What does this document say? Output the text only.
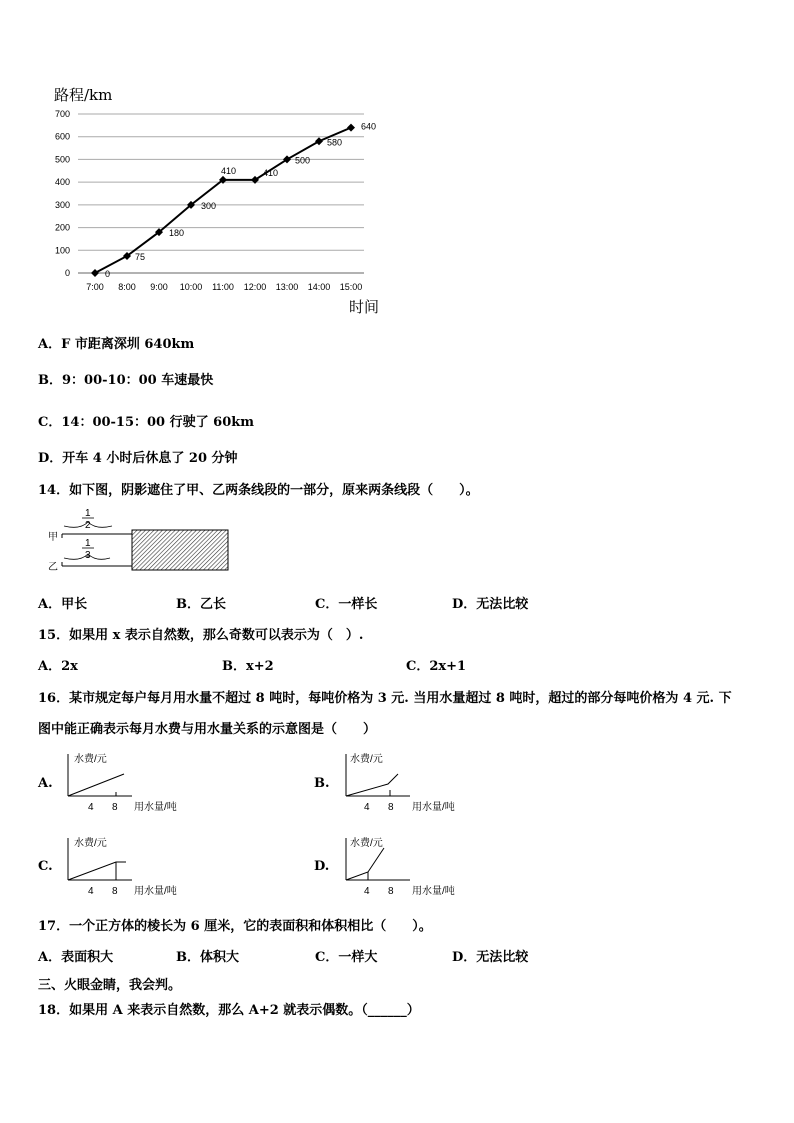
路程/km
0
100
200
300
400
500
600
700
7:00 8:00 9:00 10:00 11:00 12:00 13:00 14:00 15:00
0
75
180
300
410	410
500
580
640
时间
A．F 市距离深圳 640km
B．9：00-10：00 车速最快
C．14：00-15：00 行驶了 60km
D．开车 4 小时后休息了 20 分钟
14．如下图，阴影遮住了甲、乙两条线段的一部分，原来两条线段（　　）。
甲
乙
1
2
1
3
A．甲长	B．乙长	C．一样长	D．无法比较
15．如果用 x 表示自然数，那么奇数可以表示为（　）.
A．2x	B．x+2	C．2x+1
16．某市规定每户每月用水量不超过 8 吨时，每吨价格为 3 元. 当用水量超过 8 吨时，超过的部分每吨价格为 4 元. 下
图中能正确表示每月水费与用水量关系的示意图是（　　）
A.	B.
C.	D.
水费/元
用水量/吨
4 8
水费/元
用水量/吨
4 8
水费/元
用水量/吨
4 8
水费/元
用水量/吨
4 8
17．一个正方体的棱长为 6 厘米，它的表面积和体积相比（　　）。
A．表面积大	B．体积大	C．一样大	D．无法比较
三、火眼金睛，我会判。
18．如果用 A 来表示自然数，那么 A+2 就表示偶数。（______）
